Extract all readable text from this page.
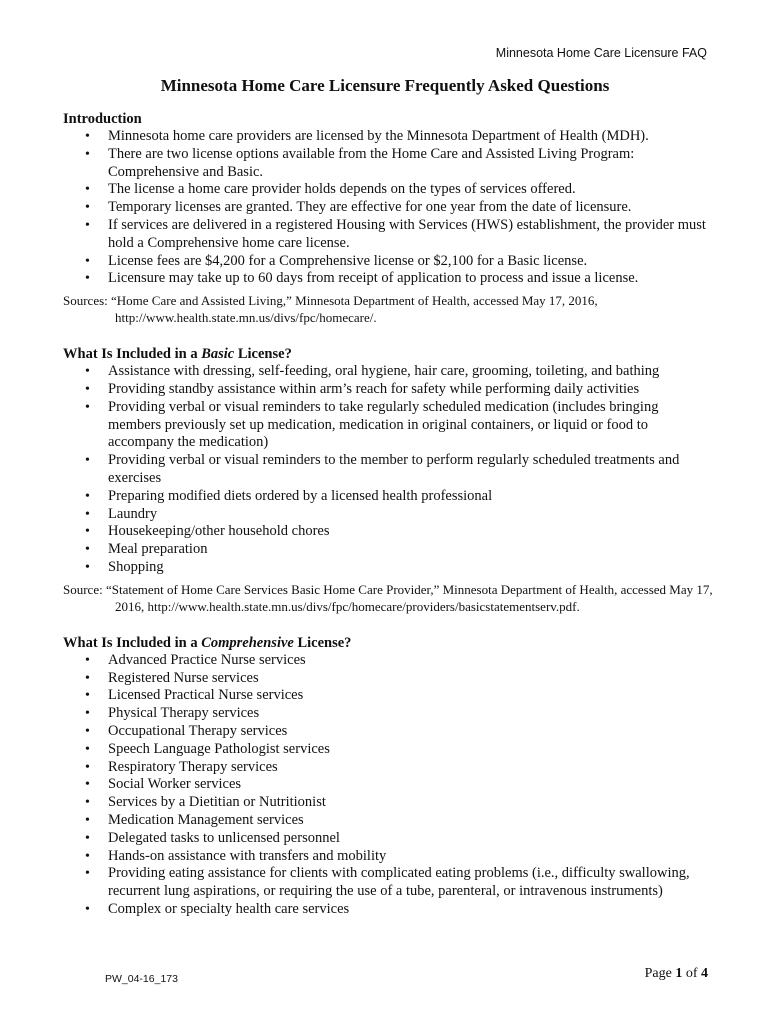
Minnesota Home Care Licensure FAQ
Minnesota Home Care Licensure Frequently Asked Questions

Introduction

• Minnesota home care providers are licensed by the Minnesota Department of Health (MDH).
• There are two license options available from the Home Care and Assisted Living Program: Comprehensive and Basic.
• The license a home care provider holds depends on the types of services offered.
• Temporary licenses are granted. They are effective for one year from the date of licensure.
• If services are delivered in a registered Housing with Services (HWS) establishment, the provider must hold a Comprehensive home care license.
• License fees are $4,200 for a Comprehensive license or $2,100 for a Basic license.
• Licensure may take up to 60 days from receipt of application to process and issue a license.

Sources: “Home Care and Assisted Living,” Minnesota Department of Health, accessed May 17, 2016, http://www.health.state.mn.us/divs/fpc/homecare/.

What Is Included in a Basic License?

• Assistance with dressing, self-feeding, oral hygiene, hair care, grooming, toileting, and bathing
• Providing standby assistance within arm’s reach for safety while performing daily activities
• Providing verbal or visual reminders to take regularly scheduled medication (includes bringing members previously set up medication, medication in original containers, or liquid or food to accompany the medication)
• Providing verbal or visual reminders to the member to perform regularly scheduled treatments and exercises
• Preparing modified diets ordered by a licensed health professional
• Laundry
• Housekeeping/other household chores
• Meal preparation
• Shopping

Source: “Statement of Home Care Services Basic Home Care Provider,” Minnesota Department of Health, accessed May 17, 2016, http://www.health.state.mn.us/divs/fpc/homecare/providers/basicstatementserv.pdf.

What Is Included in a Comprehensive License?

• Advanced Practice Nurse services
• Registered Nurse services
• Licensed Practical Nurse services
• Physical Therapy services
• Occupational Therapy services
• Speech Language Pathologist services
• Respiratory Therapy services
• Social Worker services
• Services by a Dietitian or Nutritionist
• Medication Management services
• Delegated tasks to unlicensed personnel
• Hands-on assistance with transfers and mobility
• Providing eating assistance for clients with complicated eating problems (i.e., difficulty swallowing, recurrent lung aspirations, or requiring the use of a tube, parenteral, or intravenous instruments)
• Complex or specialty health care services
PW_04-16_173	Page 1 of 4
